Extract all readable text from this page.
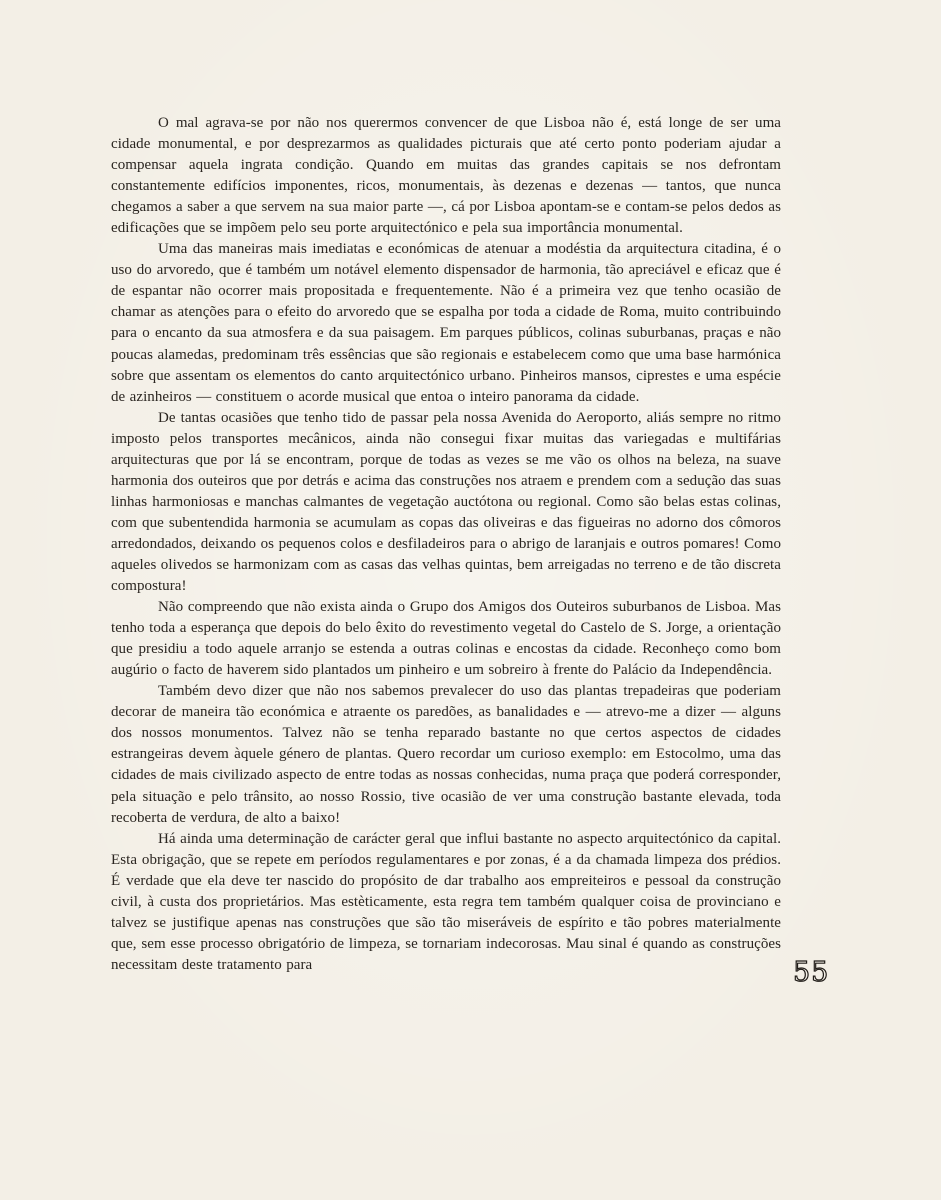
O mal agrava-se por não nos querermos convencer de que Lisboa não é, está longe de ser uma cidade monumental, e por desprezarmos as qualidades picturais que até certo ponto poderiam ajudar a compensar aquela ingrata condição. Quando em muitas das grandes capitais se nos defrontam constantemente edifícios imponentes, ricos, monumentais, às dezenas e dezenas — tantos, que nunca chegamos a saber a que servem na sua maior parte —, cá por Lisboa apontam-se e contam-se pelos dedos as edificações que se impõem pelo seu porte arquitectónico e pela sua importância monumental.

Uma das maneiras mais imediatas e económicas de atenuar a modéstia da arquitectura citadina, é o uso do arvoredo, que é também um notável elemento dispensador de harmonia, tão apreciável e eficaz que é de espantar não ocorrer mais propositada e frequentemente. Não é a primeira vez que tenho ocasião de chamar as atenções para o efeito do arvoredo que se espalha por toda a cidade de Roma, muito contribuindo para o encanto da sua atmosfera e da sua paisagem. Em parques públicos, colinas suburbanas, praças e não poucas alamedas, predominam três essências que são regionais e estabelecem como que uma base harmónica sobre que assentam os elementos do canto arquitectónico urbano. Pinheiros mansos, ciprestes e uma espécie de azinheiros — constituem o acorde musical que entoa o inteiro panorama da cidade.

De tantas ocasiões que tenho tido de passar pela nossa Avenida do Aeroporto, aliás sempre no ritmo imposto pelos transportes mecânicos, ainda não consegui fixar muitas das variegadas e multifárias arquitecturas que por lá se encontram, porque de todas as vezes se me vão os olhos na beleza, na suave harmonia dos outeiros que por detrás e acima das construções nos atraem e prendem com a sedução das suas linhas harmoniosas e manchas calmantes de vegetação auctótona ou regional. Como são belas estas colinas, com que subentendida harmonia se acumulam as copas das oliveiras e das figueiras no adorno dos cômoros arredondados, deixando os pequenos colos e desfiladeiros para o abrigo de laranjais e outros pomares! Como aqueles olivedos se harmonizam com as casas das velhas quintas, bem arreigadas no terreno e de tão discreta compostura!

Não compreendo que não exista ainda o Grupo dos Amigos dos Outeiros suburbanos de Lisboa. Mas tenho toda a esperança que depois do belo êxito do revestimento vegetal do Castelo de S. Jorge, a orientação que presidiu a todo aquele arranjo se estenda a outras colinas e encostas da cidade. Reconheço como bom augúrio o facto de haverem sido plantados um pinheiro e um sobreiro à frente do Palácio da Independência.

Também devo dizer que não nos sabemos prevalecer do uso das plantas trepadeiras que poderiam decorar de maneira tão económica e atraente os paredões, as banalidades e — atrevo-me a dizer — alguns dos nossos monumentos. Talvez não se tenha reparado bastante no que certos aspectos de cidades estrangeiras devem àquele género de plantas. Quero recordar um curioso exemplo: em Estocolmo, uma das cidades de mais civilizado aspecto de entre todas as nossas conhecidas, numa praça que poderá corresponder, pela situação e pelo trânsito, ao nosso Rossio, tive ocasião de ver uma construção bastante elevada, toda recoberta de verdura, de alto a baixo!

Há ainda uma determinação de carácter geral que influi bastante no aspecto arquitectónico da capital. Esta obrigação, que se repete em períodos regulamentares e por zonas, é a da chamada limpeza dos prédios. É verdade que ela deve ter nascido do propósito de dar trabalho aos empreiteiros e pessoal da construção civil, à custa dos proprietários. Mas estèticamente, esta regra tem também qualquer coisa de provinciano e talvez se justifique apenas nas construções que são tão miseráveis de espírito e tão pobres materialmente que, sem esse processo obrigatório de limpeza, se tornariam indecorosas. Mau sinal é quando as construções necessitam deste tratamento para	55
